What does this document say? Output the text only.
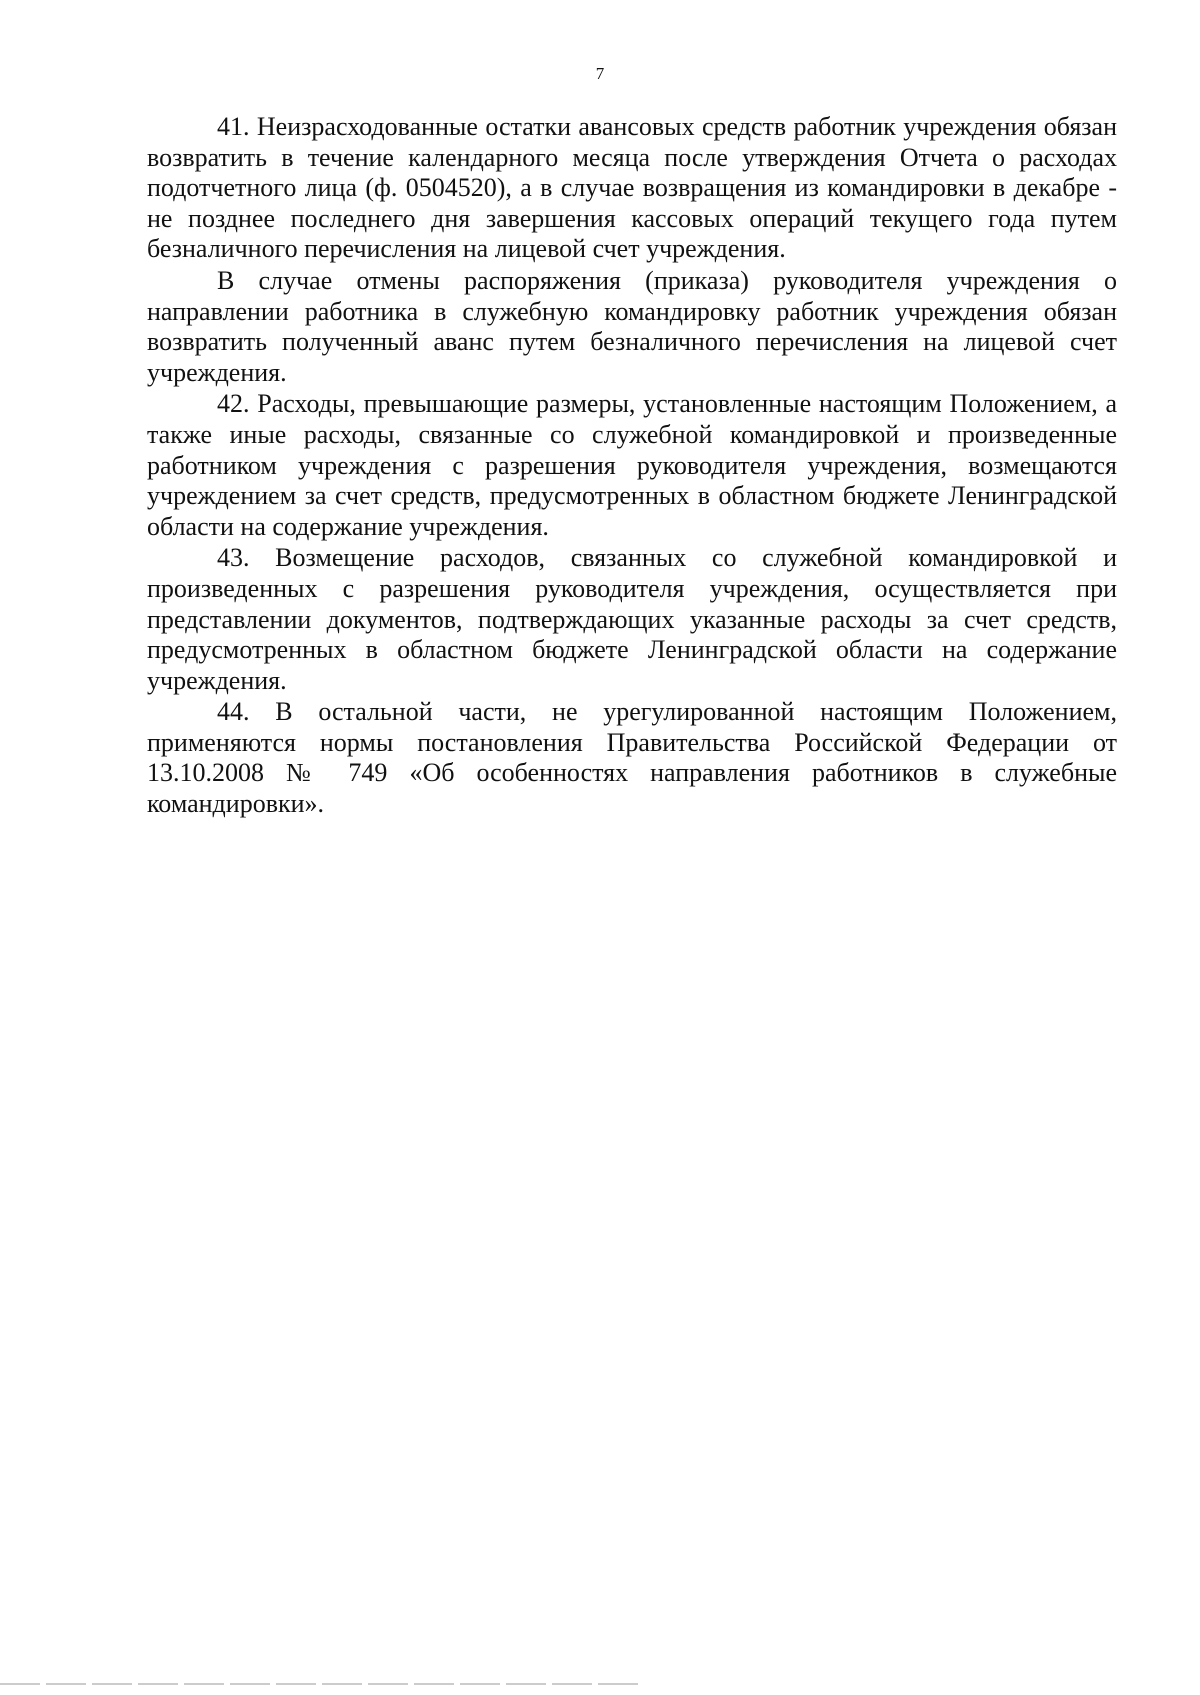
7

41. Неизрасходованные остатки авансовых средств работник учреждения обязан возвратить в течение календарного месяца после утверждения Отчета о расходах подотчетного лица (ф. 0504520), а в случае возвращения из командировки в декабре - не позднее последнего дня завершения кассовых операций текущего года путем безналичного перечисления на лицевой счет учреждения.

В случае отмены распоряжения (приказа) руководителя учреждения о направлении работника в служебную командировку работник учреждения обязан возвратить полученный аванс путем безналичного перечисления на лицевой счет учреждения.

42. Расходы, превышающие размеры, установленные настоящим Положением, а также иные расходы, связанные со служебной командировкой и произведенные работником учреждения с разрешения руководителя учреждения, возмещаются учреждением за счет средств, предусмотренных в областном бюджете Ленинградской области на содержание учреждения.

43. Возмещение расходов, связанных со служебной командировкой и произведенных с разрешения руководителя учреждения, осуществляется при представлении документов, подтверждающих указанные расходы за счет средств, предусмотренных в областном бюджете Ленинградской области на содержание учреждения.

44. В остальной части, не урегулированной настоящим Положением, применяются нормы постановления Правительства Российской Федерации от 13.10.2008 № 749 «Об особенностях направления работников в служебные командировки».
